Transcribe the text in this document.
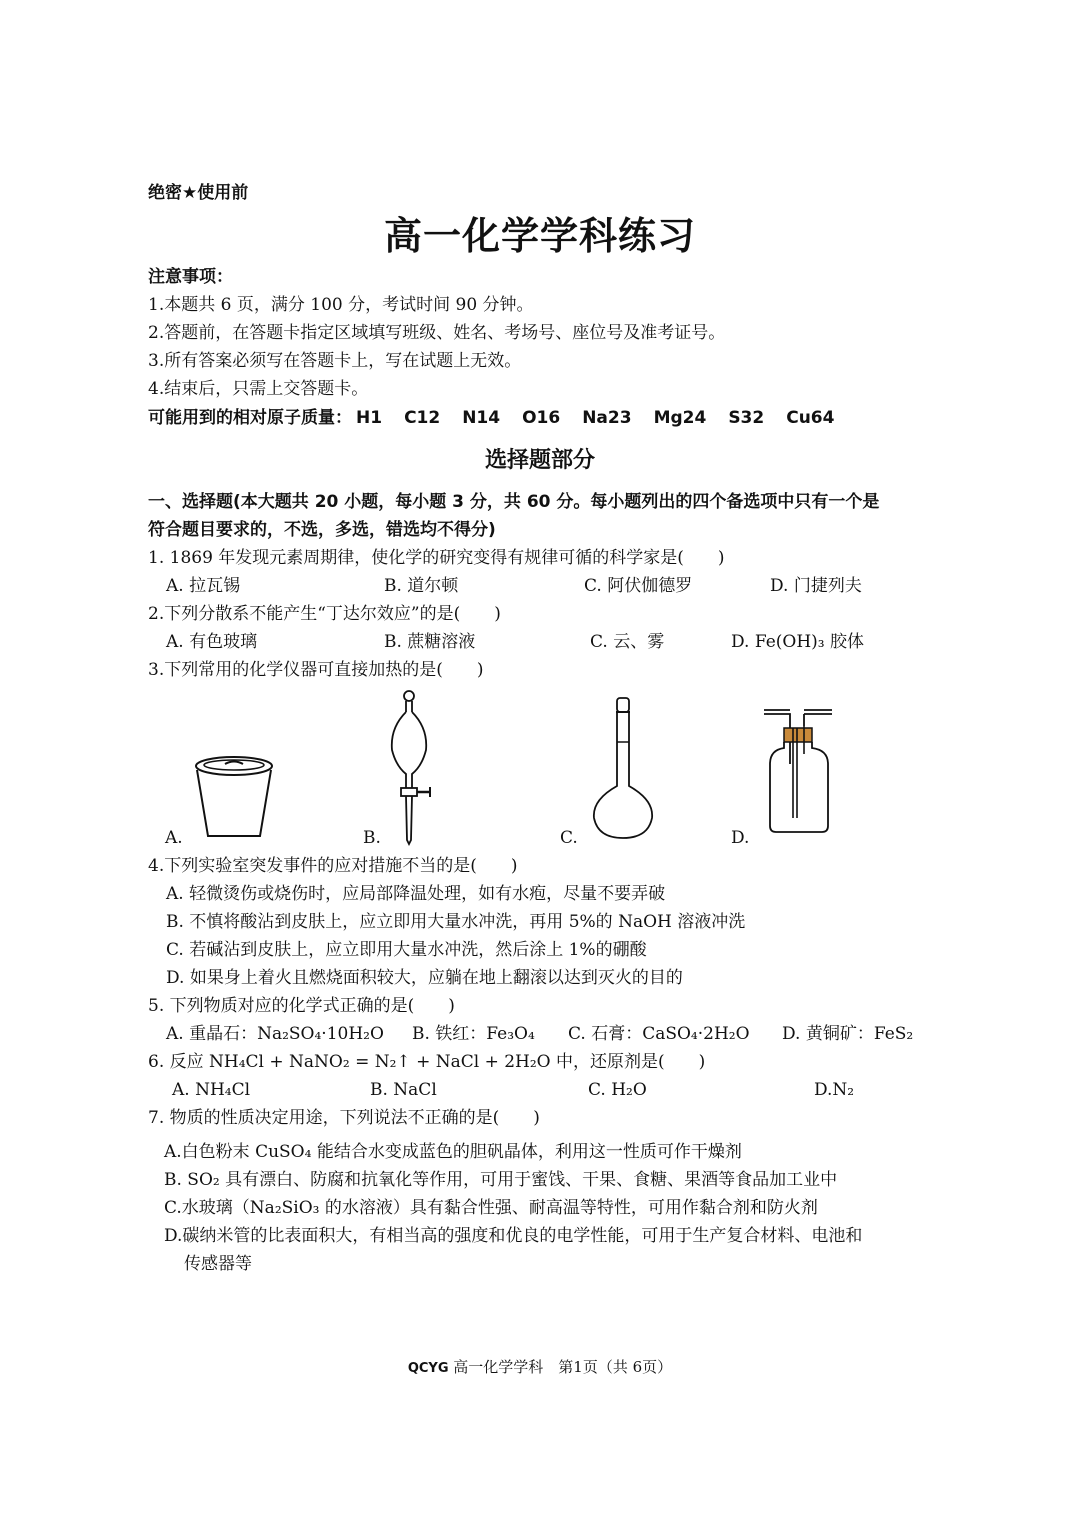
绝密★使用前
高一化学学科练习
注意事项：
1.本题共 6 页，满分 100 分，考试时间 90 分钟。
2.答题前，在答题卡指定区域填写班级、姓名、考场号、座位号及准考证号。
3.所有答案必须写在答题卡上，写在试题上无效。
4.结束后，只需上交答题卡。
可能用到的相对原子质量： H1 C12 N14 O16 Na23 Mg24 S32 Cu64
选择题部分
一、选择题(本大题共 20 小题，每小题 3 分，共 60 分。每小题列出的四个备选项中只有一个是
符合题目要求的，不选，多选，错选均不得分)
1. 1869 年发现元素周期律，使化学的研究变得有规律可循的科学家是(　　)
A. 拉瓦锡	B. 道尔顿	C. 阿伏伽德罗	D. 门捷列夫
2.下列分散系不能产生“丁达尔效应”的是(　　)
A. 有色玻璃	B. 蔗糖溶液	C. 云、雾	D. Fe(OH)₃ 胶体
3.下列常用的化学仪器可直接加热的是(　　)
A.	B.	C.	D.
4.下列实验室突发事件的应对措施不当的是(　　)
A. 轻微烫伤或烧伤时，应局部降温处理，如有水疱，尽量不要弄破
B. 不慎将酸沾到皮肤上，应立即用大量水冲洗，再用 5%的 NaOH 溶液冲洗
C. 若碱沾到皮肤上，应立即用大量水冲洗，然后涂上 1%的硼酸
D. 如果身上着火且燃烧面积较大，应躺在地上翻滚以达到灭火的目的
5. 下列物质对应的化学式正确的是(　　)
A. 重晶石：Na₂SO₄·10H₂O B. 铁红：Fe₃O₄ C. 石膏：CaSO₄·2H₂O D. 黄铜矿：FeS₂
6. 反应 NH₄Cl + NaNO₂ = N₂↑ + NaCl + 2H₂O 中，还原剂是(　　)
A. NH₄Cl	B. NaCl	C. H₂O	D.N₂
7. 物质的性质决定用途，下列说法不正确的是(　　)
A.白色粉末 CuSO₄ 能结合水变成蓝色的胆矾晶体，利用这一性质可作干燥剂
B. SO₂ 具有漂白、防腐和抗氧化等作用，可用于蜜饯、干果、食糖、果酒等食品加工业中
C.水玻璃（Na₂SiO₃ 的水溶液）具有黏合性强、耐高温等特性，可用作黏合剂和防火剂
D.碳纳米管的比表面积大，有相当高的强度和优良的电学性能，可用于生产复合材料、电池和
传感器等
QCYG 高一化学学科　第1页（共 6页）
